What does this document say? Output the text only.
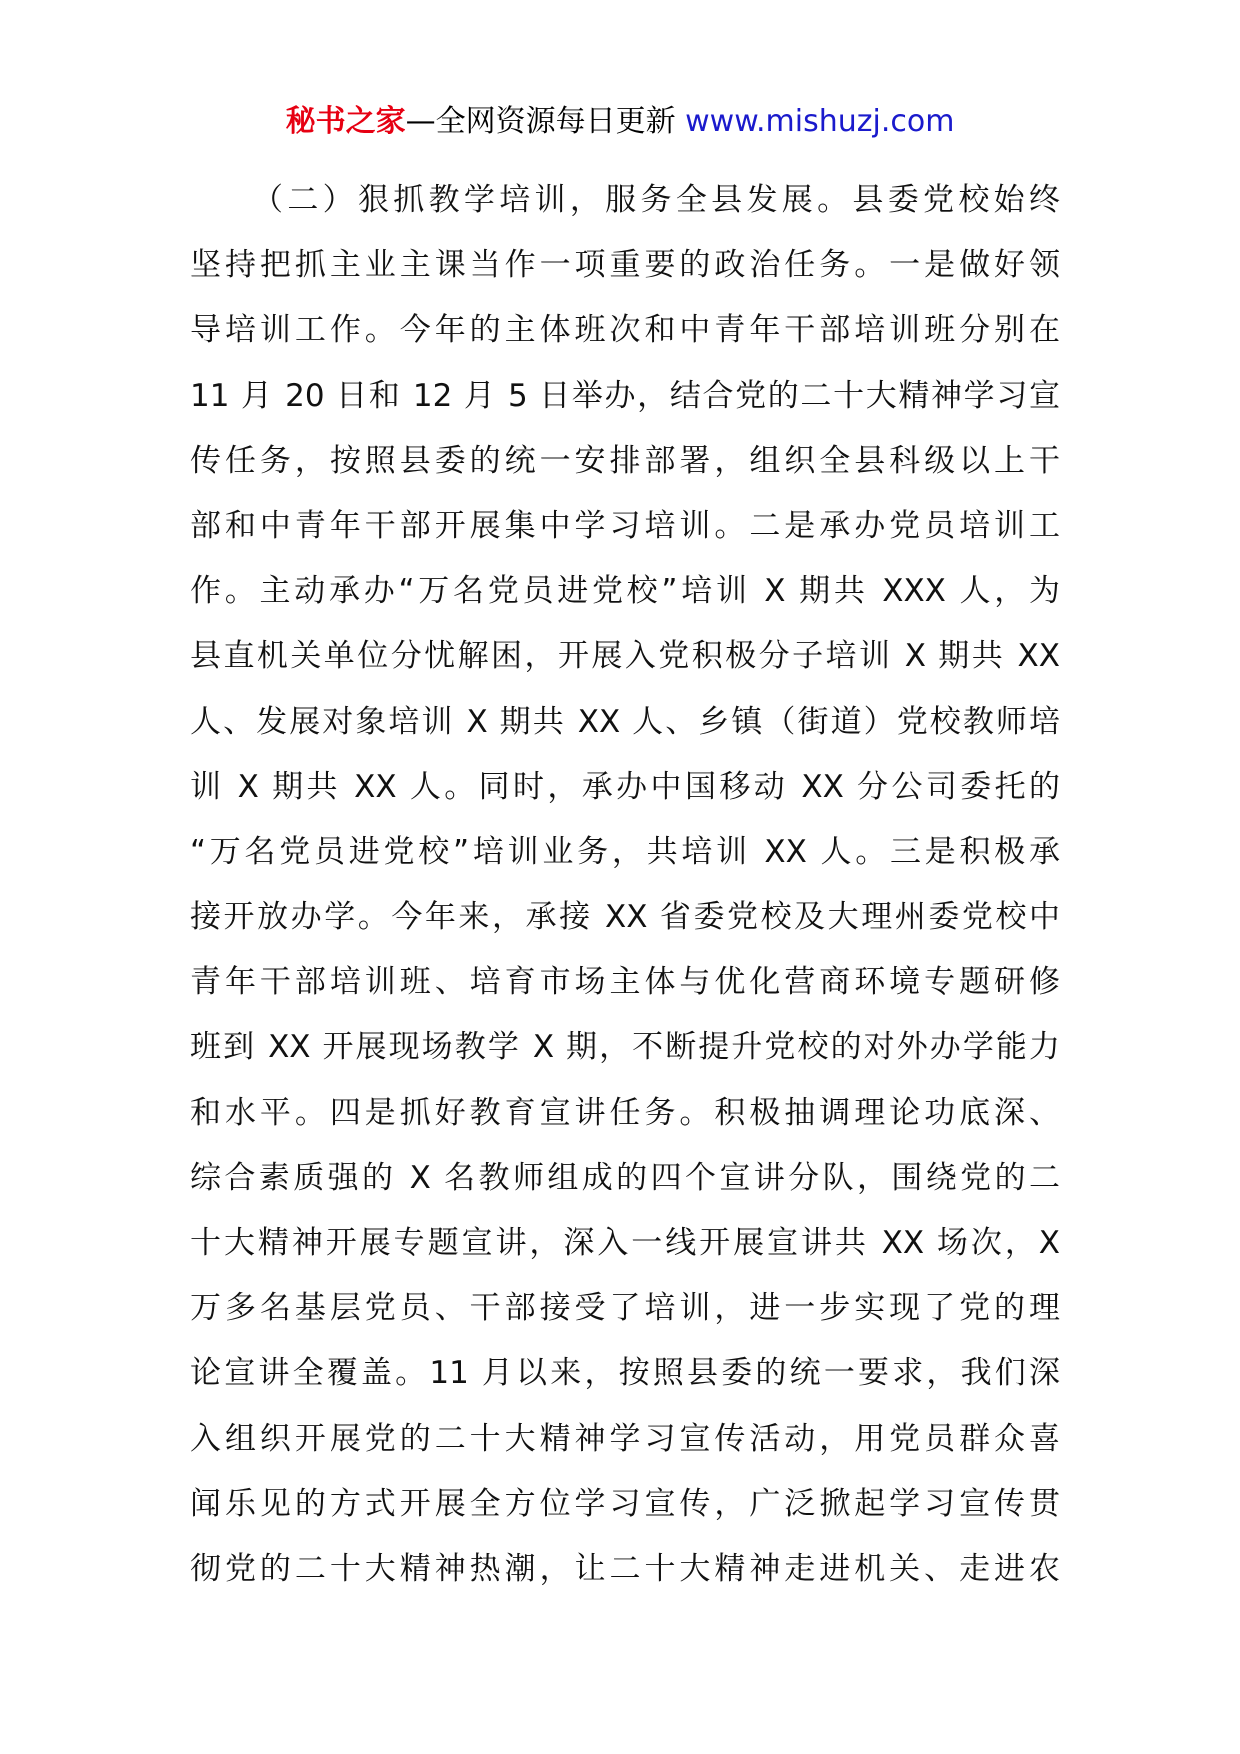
秘书之家—全网资源每日更新 www.mishuzj.com
（二）狠抓教学培训，服务全县发展。县委党校始终
坚持把抓主业主课当作一项重要的政治任务。一是做好领
导培训工作。今年的主体班次和中青年干部培训班分别在
11 月 20 日和 12 月 5 日举办，结合党的二十大精神学习宣
传任务，按照县委的统一安排部署，组织全县科级以上干
部和中青年干部开展集中学习培训。二是承办党员培训工
作。主动承办“万名党员进党校”培训 X 期共 XXX 人，为
县直机关单位分忧解困，开展入党积极分子培训 X 期共 XX
人、发展对象培训 X 期共 XX 人、乡镇（街道）党校教师培
训 X 期共 XX 人。同时，承办中国移动 XX 分公司委托的
“万名党员进党校”培训业务，共培训 XX 人。三是积极承
接开放办学。今年来，承接 XX 省委党校及大理州委党校中
青年干部培训班、培育市场主体与优化营商环境专题研修
班到 XX 开展现场教学 X 期，不断提升党校的对外办学能力
和水平。四是抓好教育宣讲任务。积极抽调理论功底深、
综合素质强的 X 名教师组成的四个宣讲分队，围绕党的二
十大精神开展专题宣讲，深入一线开展宣讲共 XX 场次，X
万多名基层党员、干部接受了培训，进一步实现了党的理
论宣讲全覆盖。11 月以来，按照县委的统一要求，我们深
入组织开展党的二十大精神学习宣传活动，用党员群众喜
闻乐见的方式开展全方位学习宣传，广泛掀起学习宣传贯
彻党的二十大精神热潮，让二十大精神走进机关、走进农
